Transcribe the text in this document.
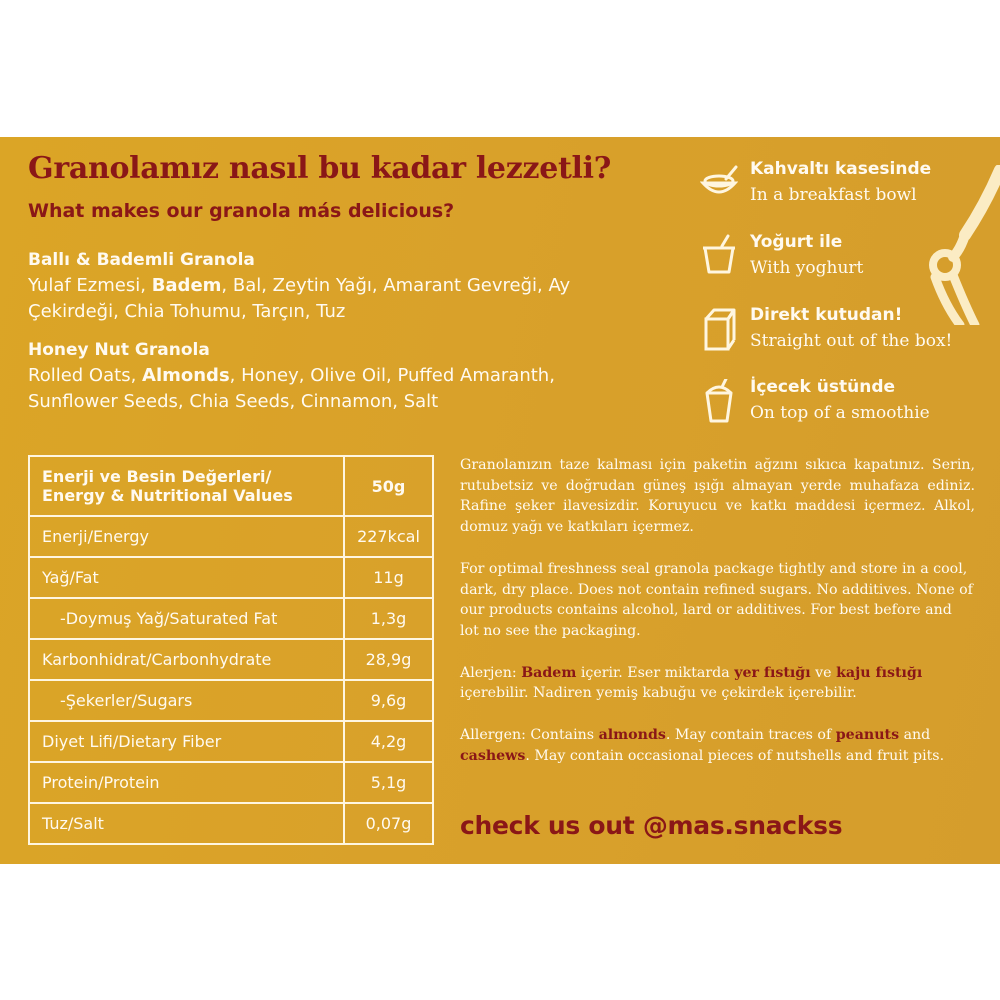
Granolamız nasıl bu kadar lezzetli?
What makes our granola más delicious?
Ballı & Bademli Granola
Yulaf Ezmesi, Badem, Bal, Zeytin Yağı, Amarant Gevreği, Ay
Çekirdeği, Chia Tohumu, Tarçın, Tuz
Honey Nut Granola
Rolled Oats, Almonds, Honey, Olive Oil, Puffed Amaranth,
Sunflower Seeds, Chia Seeds, Cinnamon, Salt
Kahvaltı kasesinde
In a breakfast bowl
Yoğurt ile
With yoghurt
Direkt kutudan!
Straight out of the box!
İçecek üstünde
On top of a smoothie
Enerji ve Besin Değerleri/
Energy & Nutritional Values	50g
Enerji/Energy	227kcal
Yağ/Fat	11g
-Doymuş Yağ/Saturated Fat	1,3g
Karbonhidrat/Carbonhydrate	28,9g
-Şekerler/Sugars	9,6g
Diyet Lifi/Dietary Fiber	4,2g
Protein/Protein	5,1g
Tuz/Salt	0,07g

Granolanızın taze kalması için paketin ağzını sıkıca kapatınız. Serin, rutubetsiz ve doğrudan güneş ışığı almayan yerde muhafaza ediniz. Rafine şeker ilavesizdir. Koruyucu ve katkı maddesi içermez. Alkol, domuz yağı ve katkıları içermez.

For optimal freshness seal granola package tightly and store in a cool, dark, dry place. Does not contain refined sugars. No additives. None of our products contains alcohol, lard or additives. For best before and lot no see the packaging.

Alerjen: Badem içerir. Eser miktarda yer fıstığı ve kaju fıstığı içerebilir. Nadiren yemiş kabuğu ve çekirdek içerebilir.

Allergen: Contains almonds. May contain traces of peanuts and cashews. May contain occasional pieces of nutshells and fruit pits.

check us out @mas.snackss
